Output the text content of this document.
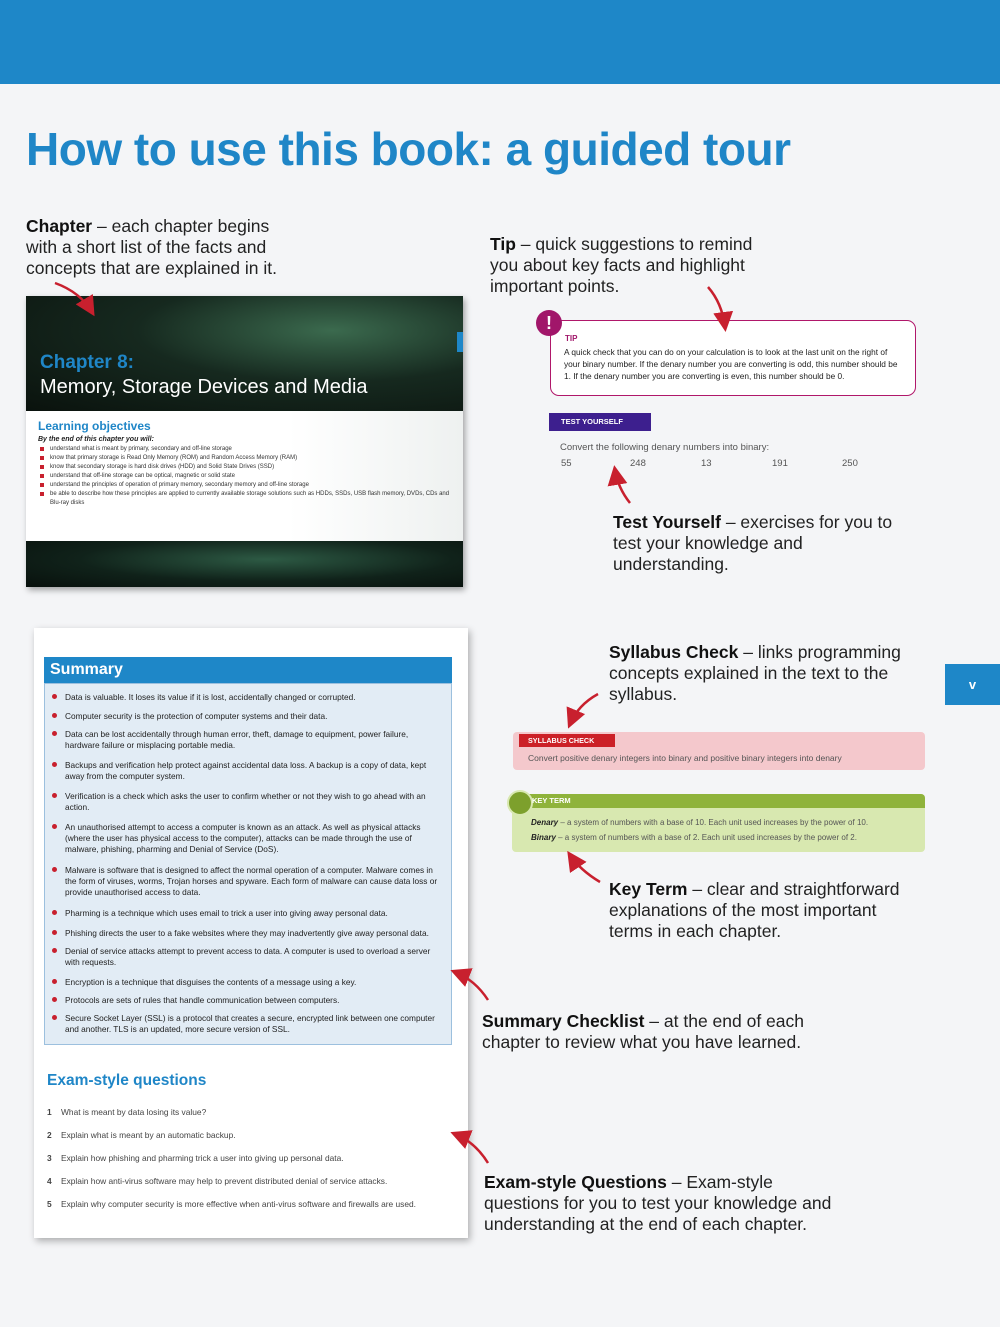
How to use this book: a guided tour
Chapter – each chapter begins with a short list of the facts and concepts that are explained in it.
Chapter 8:
Memory, Storage Devices and Media
Learning objectives
By the end of this chapter you will:
understand what is meant by primary, secondary and off-line storage
know that primary storage is Read Only Memory (ROM) and Random Access Memory (RAM)
know that secondary storage is hard disk drives (HDD) and Solid State Drives (SSD)
understand that off-line storage can be optical, magnetic or solid state
understand the principles of operation of primary memory, secondary memory and off-line storage
be able to describe how these principles are applied to currently available storage solutions such as HDDs, SSDs, USB flash memory, DVDs, CDs and Blu-ray disks
Tip – quick suggestions to remind you about key facts and highlight important points.
!
TIP
A quick check that you can do on your calculation is to look at the last unit on the right of your binary number. If the denary number you are converting is odd, this number should be 1. If the denary number you are converting is even, this number should be 0.
TEST YOURSELF
Convert the following denary numbers into binary:
55	248	13	191	250
Test Yourself – exercises for you to test your knowledge and understanding.
Summary
Data is valuable. It loses its value if it is lost, accidentally changed or corrupted.
Computer security is the protection of computer systems and their data.
Data can be lost accidentally through human error, theft, damage to equipment, power failure, hardware failure or misplacing portable media.
Backups and verification help protect against accidental data loss. A backup is a copy of data, kept away from the computer system.
Verification is a check which asks the user to confirm whether or not they wish to go ahead with an action.
An unauthorised attempt to access a computer is known as an attack. As well as physical attacks (where the user has physical access to the computer), attacks can be made through the use of malware, phishing, pharming and Denial of Service (DoS).
Malware is software that is designed to affect the normal operation of a computer. Malware comes in the form of viruses, worms, Trojan horses and spyware. Each form of malware can cause data loss or provide unauthorised access to data.
Pharming is a technique which uses email to trick a user into giving away personal data.
Phishing directs the user to a fake websites where they may inadvertently give away personal data.
Denial of service attacks attempt to prevent access to data. A computer is used to overload a server with requests.
Encryption is a technique that disguises the contents of a message using a key.
Protocols are sets of rules that handle communication between computers.
Secure Socket Layer (SSL) is a protocol that creates a secure, encrypted link between one computer and another. TLS is an updated, more secure version of SSL.
Exam-style questions
1	What is meant by data losing its value?
2	Explain what is meant by an automatic backup.
3	Explain how phishing and pharming trick a user into giving up personal data.
4	Explain how anti-virus software may help to prevent distributed denial of service attacks.
5	Explain why computer security is more effective when anti-virus software and firewalls are used.
Syllabus Check – links programming concepts explained in the text to the syllabus.
SYLLABUS CHECK
Convert positive denary integers into binary and positive binary integers into denary
KEY TERM
Denary – a system of numbers with a base of 10. Each unit used increases by the power of 10.
Binary – a system of numbers with a base of 2. Each unit used increases by the power of 2.
Key Term – clear and straightforward explanations of the most important terms in each chapter.
Summary Checklist – at the end of each chapter to review what you have learned.
Exam-style Questions – Exam-style questions for you to test your knowledge and understanding at the end of each chapter.
v
